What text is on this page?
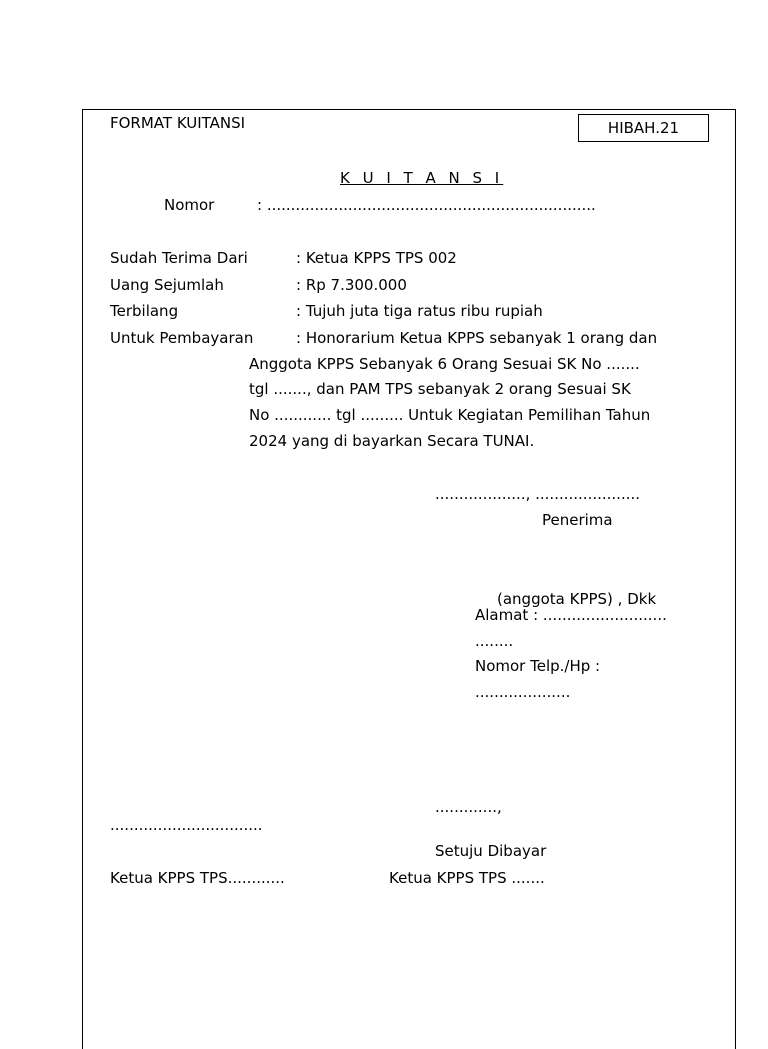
FORMAT KUITANSI	HIBAH.21
K U I T A N S I
Nomor	: .....................................................................
Sudah Terima Dari	: Ketua KPPS TPS 002
Uang Sejumlah	: Rp 7.300.000
Terbilang	: Tujuh juta tiga ratus ribu rupiah
Untuk Pembayaran	: Honorarium Ketua KPPS sebanyak 1 orang dan
Anggota KPPS Sebanyak 6 Orang Sesuai SK No .......
tgl ......., dan PAM TPS sebanyak 2 orang Sesuai SK
No ............ tgl ......... Untuk Kegiatan Pemilihan Tahun
2024 yang di bayarkan Secara TUNAI.
..................., ......................
Penerima
(anggota KPPS) , Dkk
Alamat : ..........................
........
Nomor Telp./Hp :
....................
.............,
................................
Setuju Dibayar
Ketua KPPS TPS............	Ketua KPPS TPS .......
